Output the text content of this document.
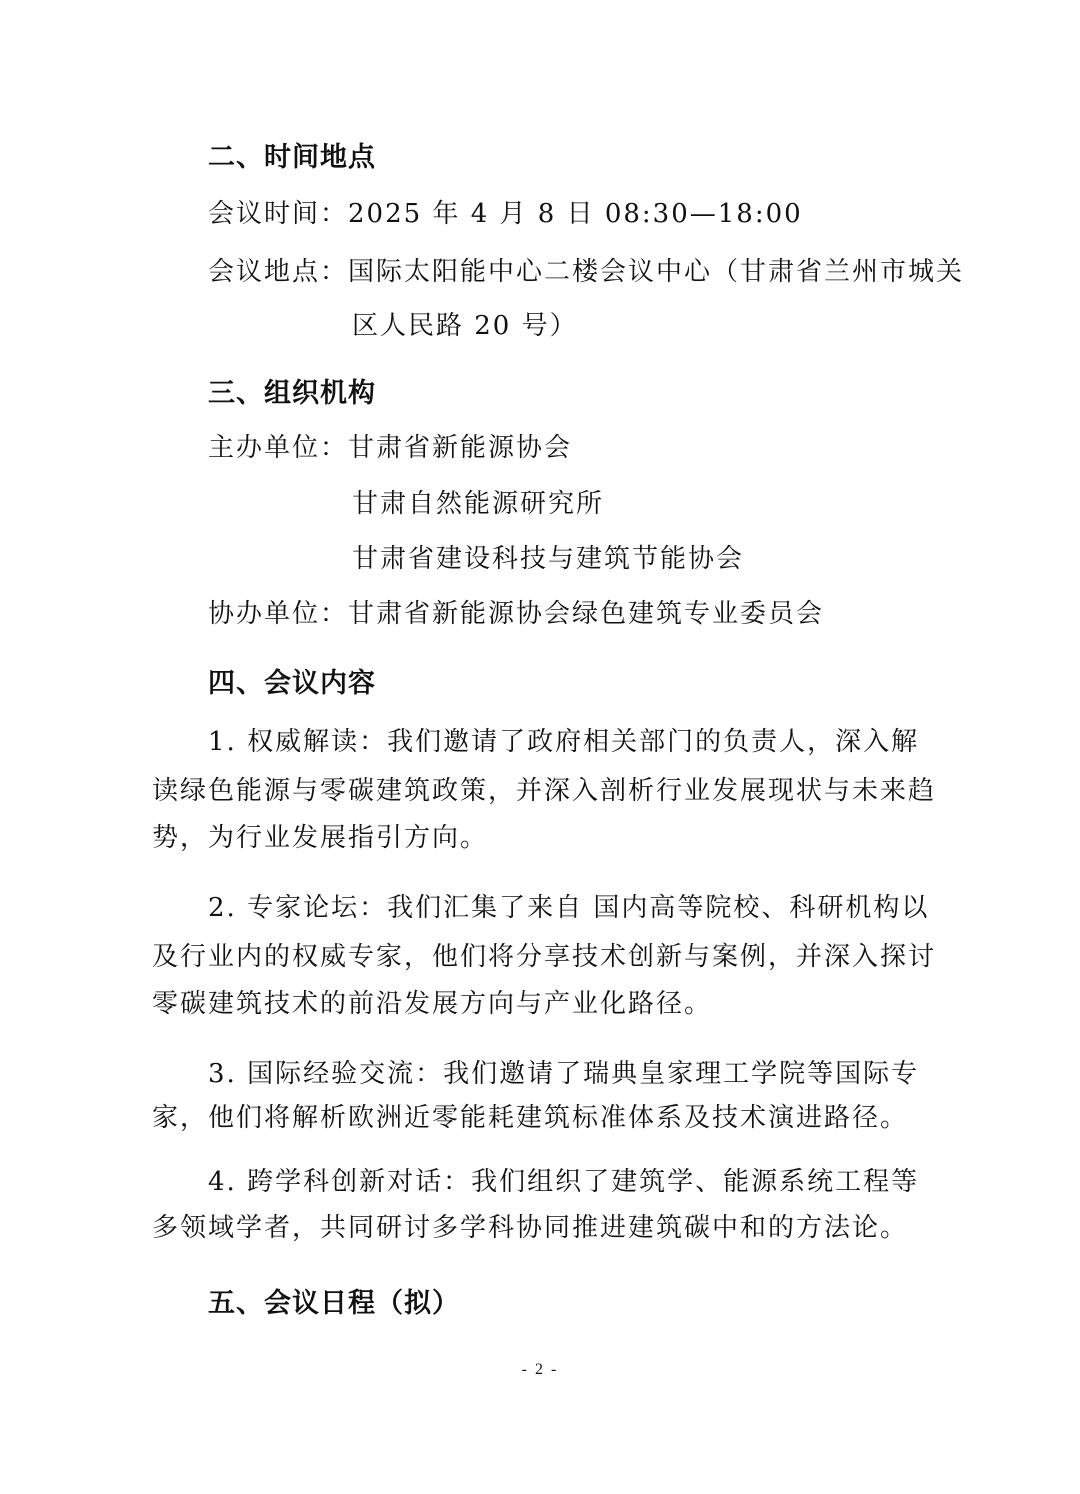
二、时间地点
会议时间：2025 年 4 月 8 日 08:30—18:00
会议地点：国际太阳能中心二楼会议中心（甘肃省兰州市城关
区人民路 20 号）
三、组织机构
主办单位：甘肃省新能源协会
甘肃自然能源研究所
甘肃省建设科技与建筑节能协会
协办单位：甘肃省新能源协会绿色建筑专业委员会
四、会议内容
1. 权威解读：我们邀请了政府相关部门的负责人，深入解
读绿色能源与零碳建筑政策，并深入剖析行业发展现状与未来趋
势，为行业发展指引方向。
2. 专家论坛：我们汇集了来自 国内高等院校、科研机构以
及行业内的权威专家，他们将分享技术创新与案例，并深入探讨
零碳建筑技术的前沿发展方向与产业化路径。
3. 国际经验交流：我们邀请了瑞典皇家理工学院等国际专
家，他们将解析欧洲近零能耗建筑标准体系及技术演进路径。
4. 跨学科创新对话：我们组织了建筑学、能源系统工程等
多领域学者，共同研讨多学科协同推进建筑碳中和的方法论。
五、会议日程（拟）
- 2 -
